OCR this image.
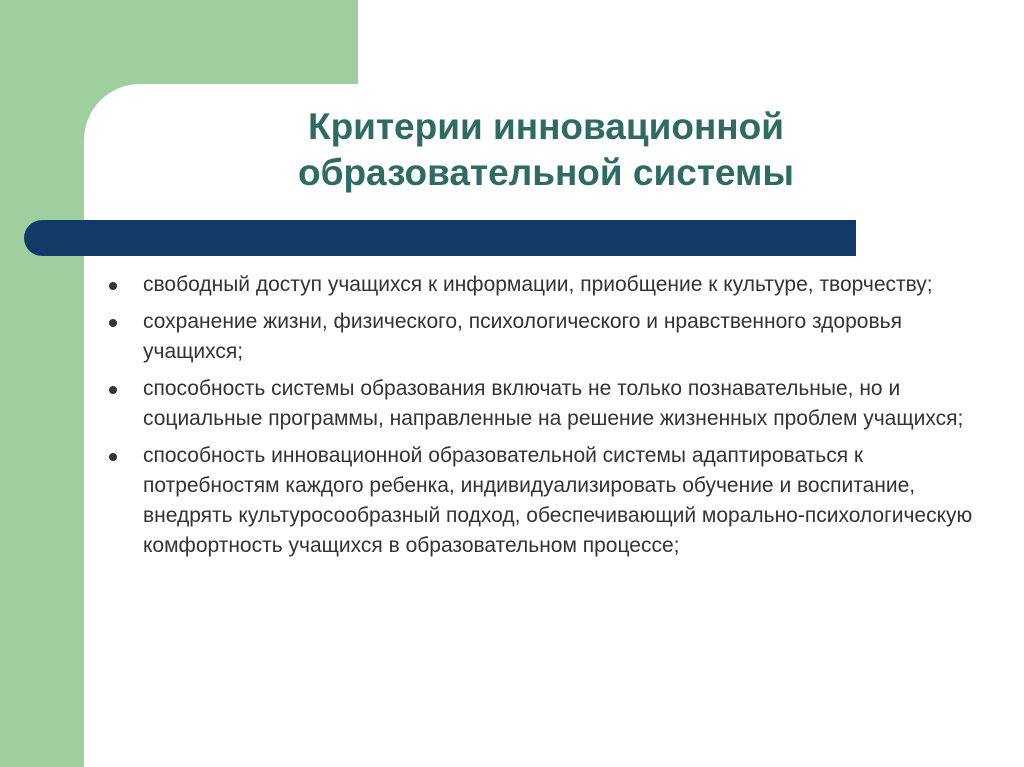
Критерии инновационной
образовательной системы
свободный доступ учащихся к информации, приобщение к культуре, творчеству;
сохранение жизни, физического, психологического и нравственного здоровья учащихся;
способность системы образования включать не только познавательные, но и социальные программы, направленные на решение жизненных проблем учащихся;
способность инновационной образовательной системы адаптироваться к потребностям каждого ребенка, индивидуализировать обучение и воспитание, внедрять культуросообразный подход, обеспечивающий морально-психологическую комфортность учащихся в образовательном процессе;
